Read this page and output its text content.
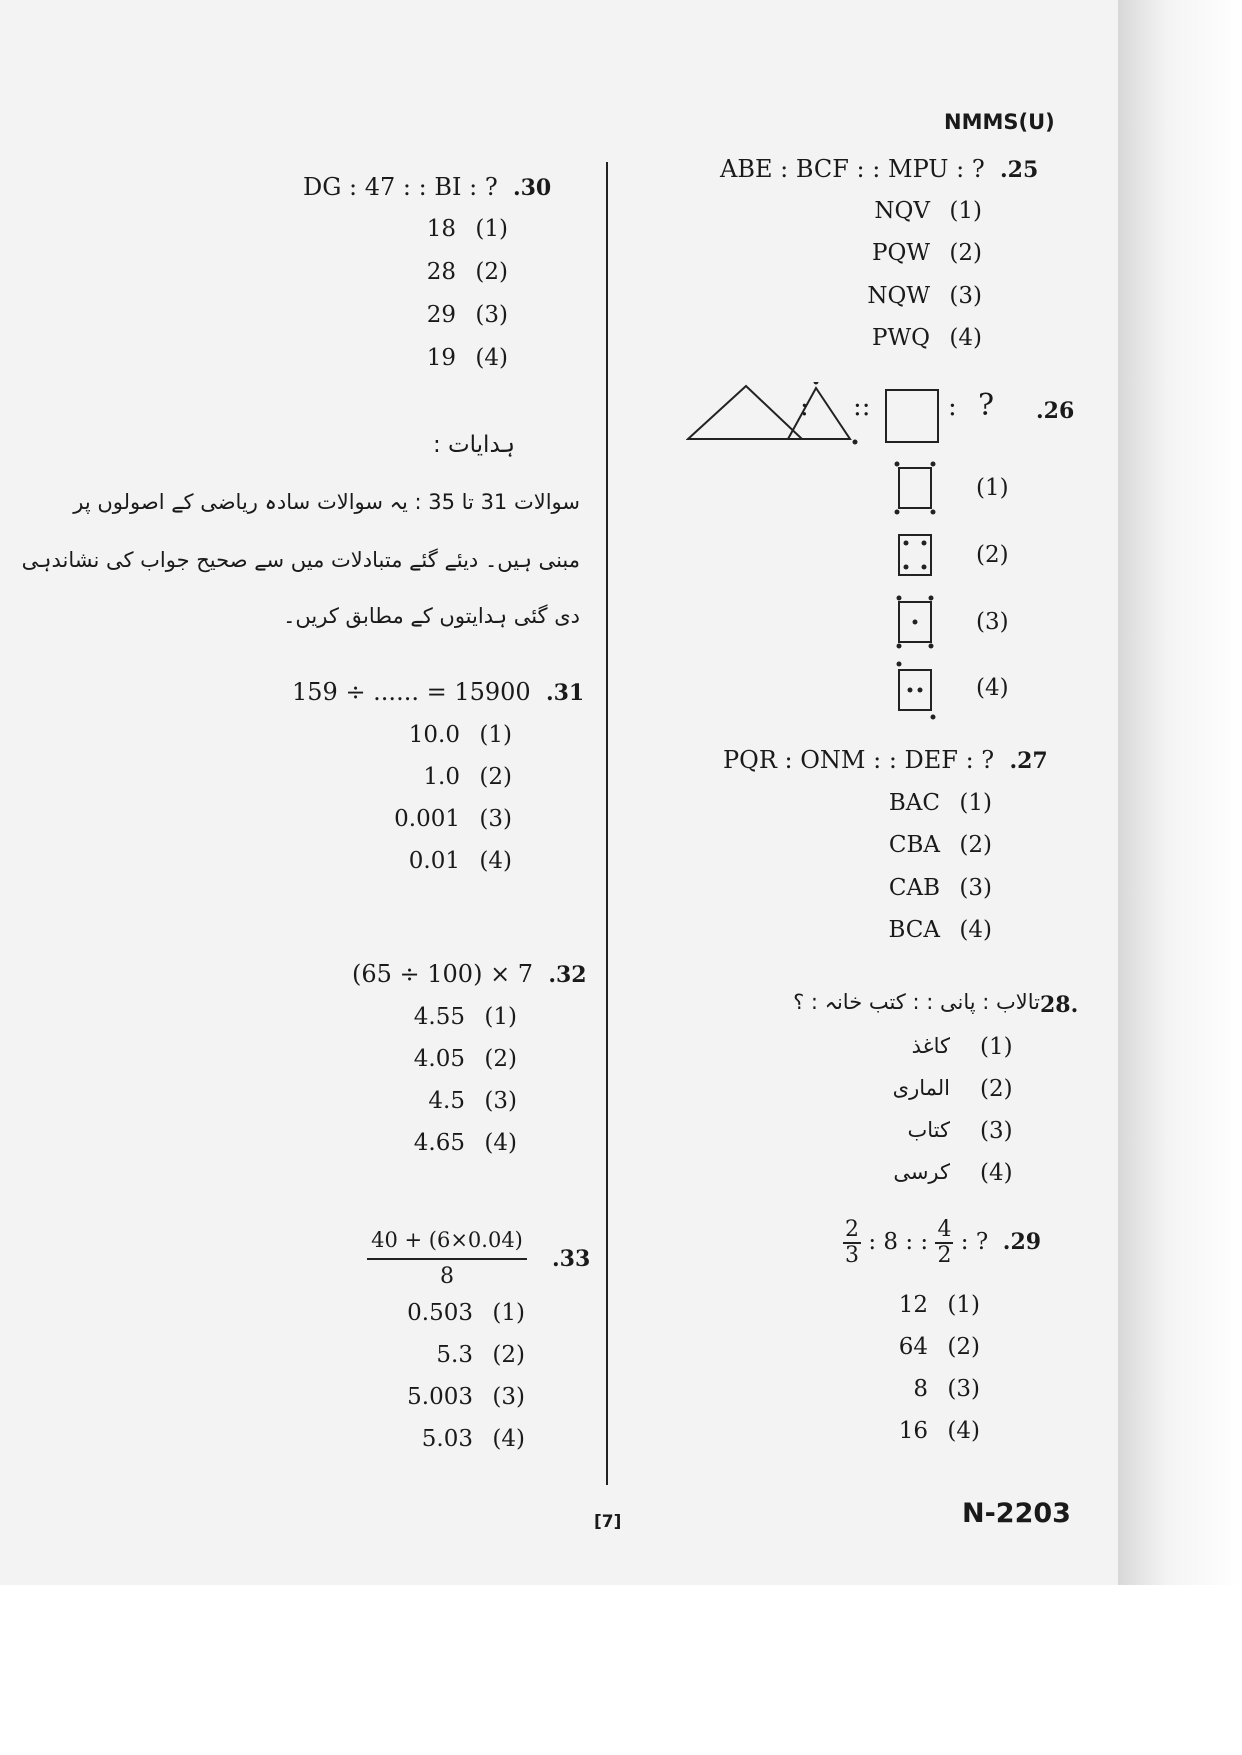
NMMS(U)
ABE : BCF : : MPU : ? .25
NQV (1)
PQW (2)
NQW (3)
PWQ (4)
: ::	: ? .26
(1)
(2)
(3)
(4)
PQR : ONM : : DEF : ? .27
BAC (1)
CBA (2)
CAB (3)
BCA (4)
تالاب : پانی : : کتب خانہ : ؟ 28.
کاغذ (1)
الماری (2)
کتاب (3)
کرسی (4)
$\frac{2}{3}$ : 8 : : $\frac{4}{2}$ : ? .29
12 (1)
64 (2)
8 (3)
16 (4)
DG : 47 : : BI : ? .30
18 (1)
28 (2)
29 (3)
19 (4)
ہدایات :
سوالات 31 تا 35 : یہ سوالات سادہ ریاضی کے اصولوں پر
مبنی ہیں۔ دیئے گئے متبادلات میں سے صحیح جواب کی نشاندہی
دی گئی ہدایتوں کے مطابق کریں۔
159 ÷ ...... = 15900 .31
10.0 (1)
1.0 (2)
0.001 (3)
0.01 (4)
(65 ÷ 100) × 7 .32
4.55 (1)
4.05 (2)
4.5 (3)
4.65 (4)
40 + (6×0.04)
8
.33
0.503 (1)
5.3 (2)
5.003 (3)
5.03 (4)
[7]	N-2203
